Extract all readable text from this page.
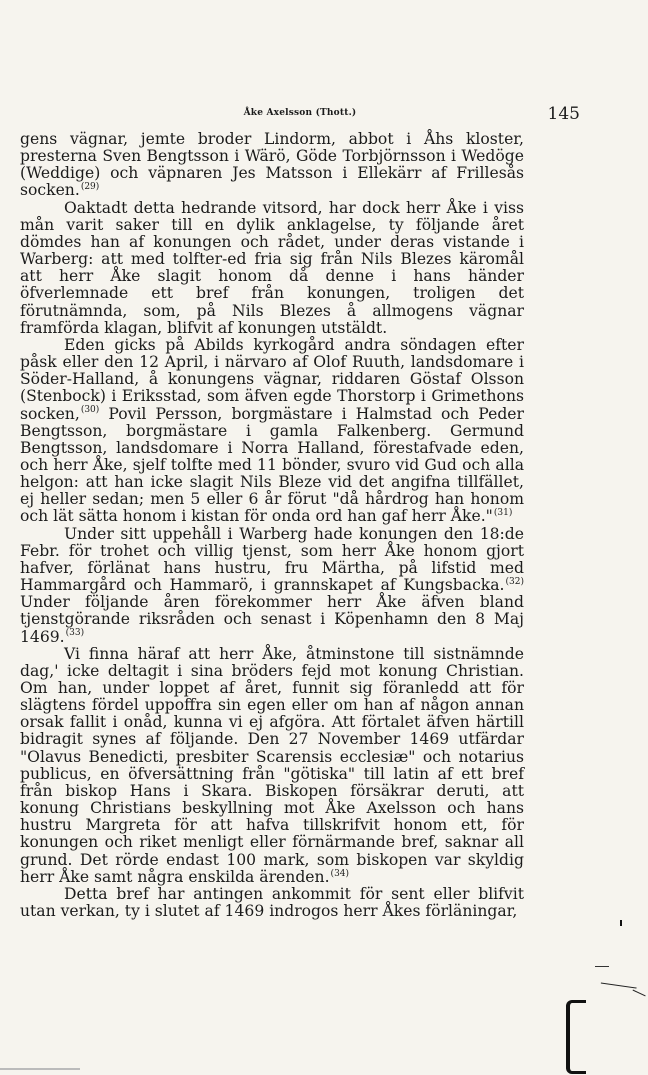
Åke Axelsson (Thott.)	145

gens vägnar, jemte broder Lindorm, abbot i Åhs kloster, presterna Sven Bengtsson i Wärö, Göde Torbjörnsson i Wedöge (Weddige) och väpnaren Jes Matsson i Ellekärr af Frillesås socken. ( $^{29}$ )

Oaktadt detta hedrande vitsord, har dock herr Åke i viss mån varit saker till en dylik anklagelse, ty följande året dömdes han af konungen och rådet, under deras vistande i Warberg: att med tolfter-ed fria sig från Nils Blezes käromål att herr Åke slagit honom då denne i hans händer öfverlemnade ett bref från konungen, troligen det förutnämnda, som, på Nils Blezes å allmogens vägnar framförda klagan, blifvit af konungen utstäldt.

Eden gicks på Abilds kyrkogård andra söndagen efter påsk eller den 12 April, i närvaro af Olof Ruuth, landsdomare i Söder-Halland, å konungens vägnar, riddaren Göstaf Olsson (Stenbock) i Eriksstad, som äfven egde Thorstorp i Grimethons socken, ( $^{30}$ ) Povil Persson, borgmästare i Halmstad och Peder Bengtsson, borgmästare i gamla Falkenberg. Germund Bengtsson, landsdomare i Norra Halland, förestafvade eden, och herr Åke, sjelf tolfte med 11 bönder, svuro vid Gud och alla helgon: att han icke slagit Nils Bleze vid det angifna tillfället, ej heller sedan; men 5 eller 6 år förut "då hårdrog han honom och lät sätta honom i kistan för onda ord han gaf herr Åke." ( $^{31}$ )

Under sitt uppehåll i Warberg hade konungen den 18:de Febr. för trohet och villig tjenst, som herr Åke honom gjort hafver, förlänat hans hustru, fru Märtha, på lifstid med Hammargård och Hammarö, i grannskapet af Kungsbacka. ( $^{32}$ ) Under följande åren förekommer herr Åke äfven bland tjenstgörande riksråden och senast i Köpenhamn den 8 Maj 1469. ( $^{33}$ )

Vi finna häraf att herr Åke, åtminstone till sistnämnde dag,' icke deltagit i sina bröders fejd mot konung Christian. Om han, under loppet af året, funnit sig föranledd att för slägtens fördel uppoffra sin egen eller om han af någon annan orsak fallit i onåd, kunna vi ej afgöra. Att förtalet äfven härtill bidragit synes af följande. Den 27 November 1469 utfärdar "Olavus Benedicti, presbiter Scarensis ecclesiæ" och notarius publicus, en öfversättning från "götiska" till latin af ett bref från biskop Hans i Skara. Biskopen försäkrar deruti, att konung Christians beskyllning mot Åke Axelsson och hans hustru Margreta för att hafva tillskrifvit honom ett, för konungen och riket menligt eller förnärmande bref, saknar all grund. Det rörde endast 100 mark, som biskopen var skyldig herr Åke samt några enskilda ärenden. ( $^{34}$ )

Detta bref har antingen ankommit för sent eller blifvit utan verkan, ty i slutet af 1469 indrogos herr Åkes förläningar,
